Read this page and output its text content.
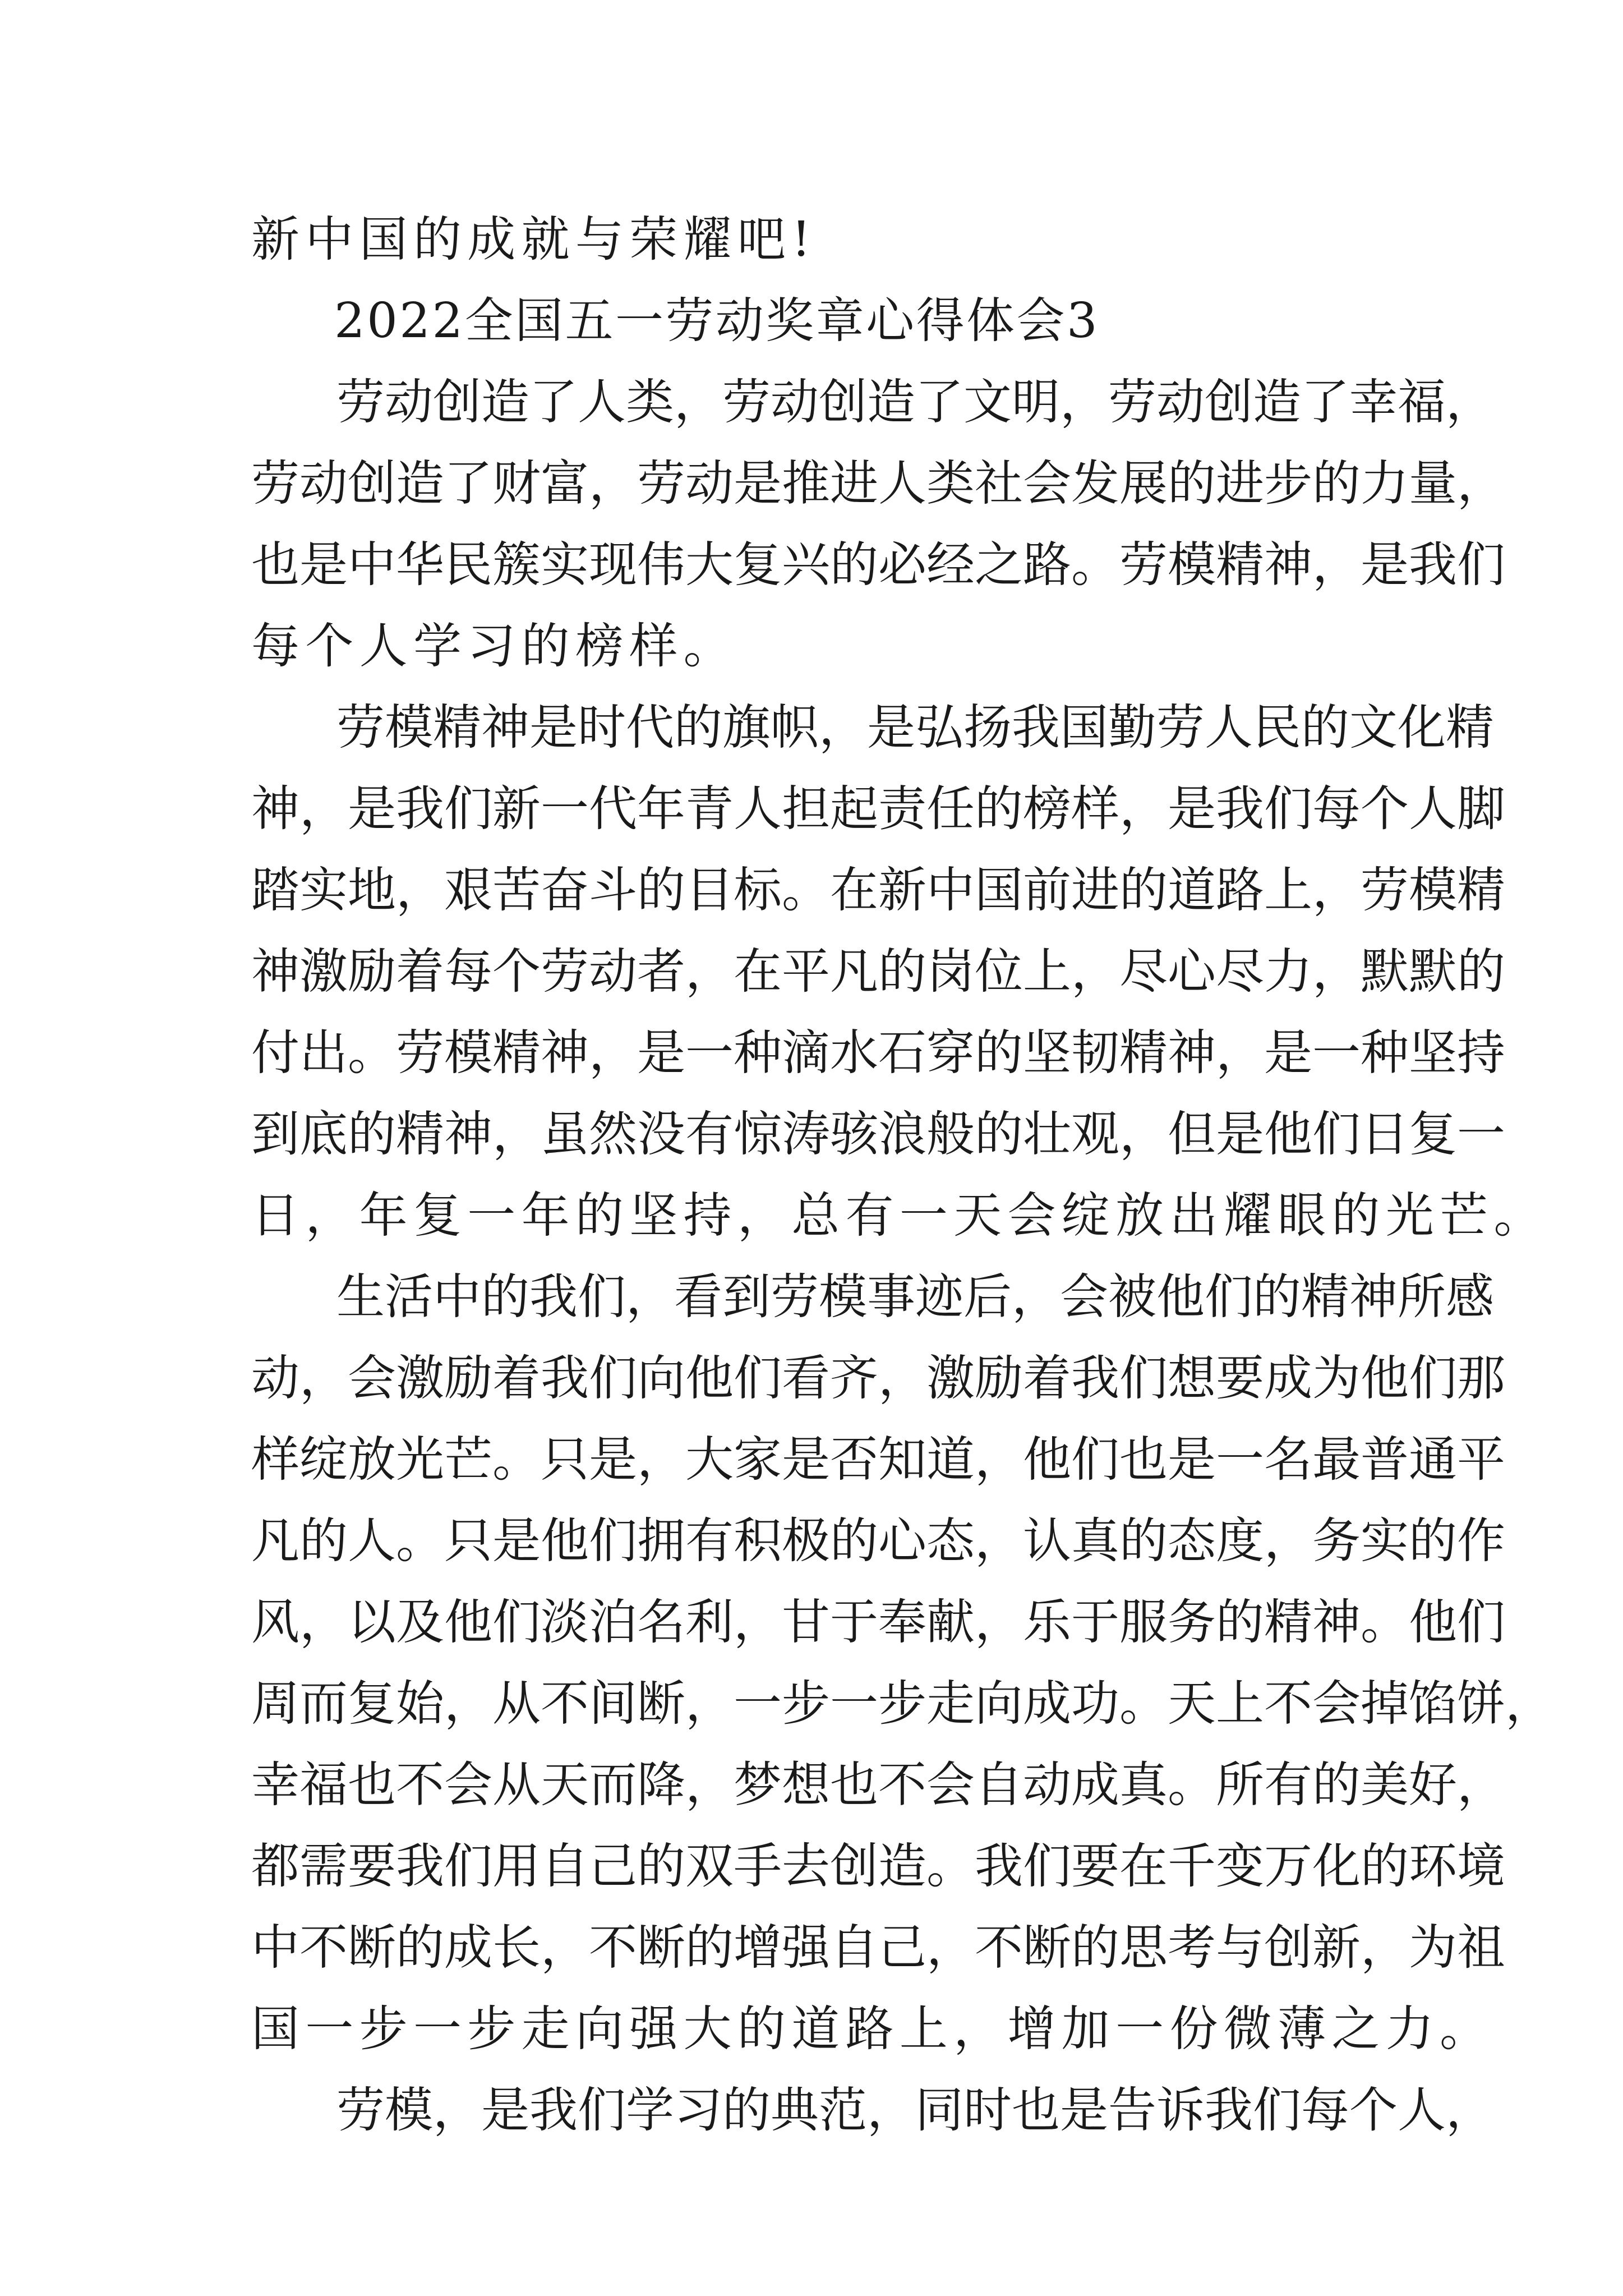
新中国的成就与荣耀吧!
2022全国五一劳动奖章心得体会3
劳动创造了人类，劳动创造了文明，劳动创造了幸福，
劳动创造了财富，劳动是推进人类社会发展的进步的力量，
也是中华民簇实现伟大复兴的必经之路。劳模精神，是我们
每个人学习的榜样。
劳模精神是时代的旗帜，是弘扬我国勤劳人民的文化精
神，是我们新一代年青人担起责任的榜样，是我们每个人脚
踏实地，艰苦奋斗的目标。在新中国前进的道路上，劳模精
神激励着每个劳动者，在平凡的岗位上，尽心尽力，默默的
付出。劳模精神，是一种滴水石穿的坚韧精神，是一种坚持
到底的精神，虽然没有惊涛骇浪般的壮观，但是他们日复一
日，年复一年的坚持，总有一天会绽放出耀眼的光芒。
生活中的我们，看到劳模事迹后，会被他们的精神所感
动，会激励着我们向他们看齐，激励着我们想要成为他们那
样绽放光芒。只是，大家是否知道，他们也是一名最普通平
凡的人。只是他们拥有积极的心态，认真的态度，务实的作
风，以及他们淡泊名利，甘于奉献，乐于服务的精神。他们
周而复始，从不间断，一步一步走向成功。天上不会掉馅饼，
幸福也不会从天而降，梦想也不会自动成真。所有的美好，
都需要我们用自己的双手去创造。我们要在千变万化的环境
中不断的成长，不断的增强自己，不断的思考与创新，为祖
国一步一步走向强大的道路上，增加一份微薄之力。
劳模，是我们学习的典范，同时也是告诉我们每个人，
